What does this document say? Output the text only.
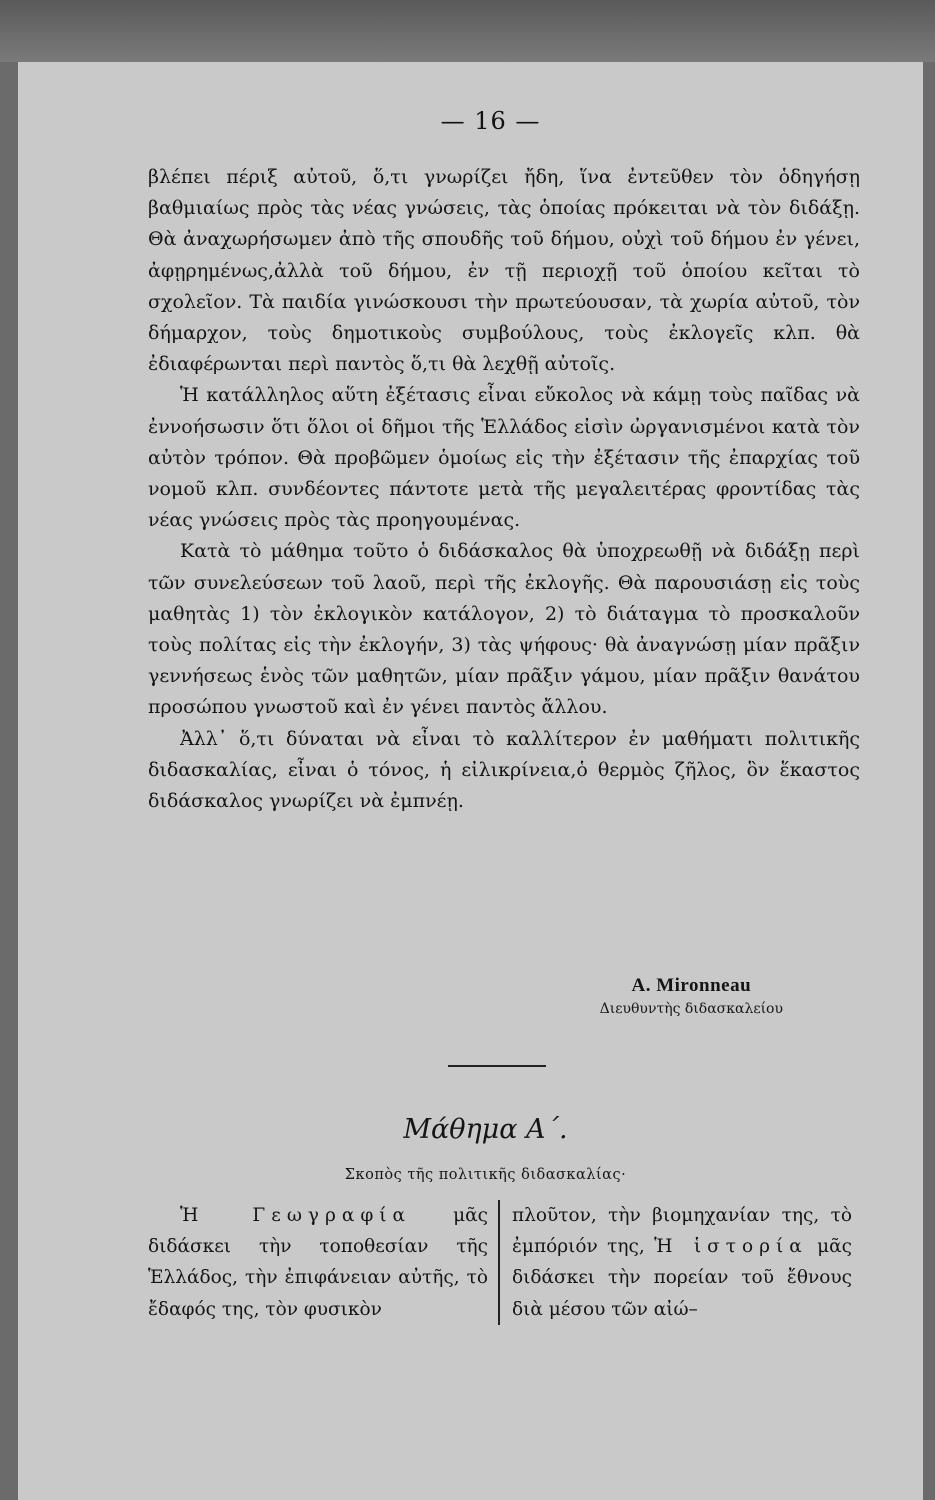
— 16 —

βλέπει πέριξ αὐτοῦ, ὅ,τι γνωρίζει ἤδη, ἵνα ἐντεῦθεν τὸν ὁδηγήσῃ βαθμιαίως πρὸς τὰς νέας γνώσεις, τὰς ὁποίας πρόκειται νὰ τὸν διδάξῃ. Θὰ ἀναχωρήσωμεν ἀπὸ τῆς σπουδῆς τοῦ δήμου, οὐχὶ τοῦ δήμου ἐν γένει, ἀφῃρημένως,ἀλλὰ τοῦ δήμου, ἐν τῇ περιοχῇ τοῦ ὁποίου κεῖται τὸ σχολεῖον. Τὰ παιδία γινώσκουσι τὴν πρωτεύουσαν, τὰ χωρία αὐτοῦ, τὸν δήμαρχον, τοὺς δημοτικοὺς συμβούλους, τοὺς ἐκλογεῖς κλπ. θὰ ἐδιαφέρωνται περὶ παντὸς ὅ,τι θὰ λεχθῇ αὐτοῖς.

Ἡ κατάλληλος αὕτη ἐξέτασις εἶναι εὔκολος νὰ κάμῃ τοὺς παῖδας νὰ ἐννοήσωσιν ὅτι ὅλοι οἱ δῆμοι τῆς Ἑλλάδος εἰσὶν ὠργανισμένοι κατὰ τὸν αὐτὸν τρόπον. Θὰ προβῶμεν ὁμοίως εἰς τὴν ἐξέτασιν τῆς ἐπαρχίας τοῦ νομοῦ κλπ. συνδέοντες πάντοτε μετὰ τῆς μεγαλειτέρας φροντίδας τὰς νέας γνώσεις πρὸς τὰς προηγουμένας.

Κατὰ τὸ μάθημα τοῦτο ὁ διδάσκαλος θὰ ὑποχρεωθῇ νὰ διδάξῃ περὶ τῶν συνελεύσεων τοῦ λαοῦ, περὶ τῆς ἐκλογῆς. Θὰ παρουσιάσῃ εἰς τοὺς μαθητὰς 1) τὸν ἐκλογικὸν κατάλογον, 2) τὸ διάταγμα τὸ προσκαλοῦν τοὺς πολίτας εἰς τὴν ἐκλογήν, 3) τὰς ψήφους· θὰ ἀναγνώσῃ μίαν πρᾶξιν γεννήσεως ἑνὸς τῶν μαθητῶν, μίαν πρᾶξιν γάμου, μίαν πρᾶξιν θανάτου προσώπου γνωστοῦ καὶ ἐν γένει παντὸς ἄλλου.

Ἀλλ᾽ ὅ,τι δύναται νὰ εἶναι τὸ καλλίτερον ἐν μαθήματι πολιτικῆς διδασκαλίας, εἶναι ὁ τόνος, ἡ εἰλικρίνεια,ὁ θερμὸς ζῆλος, ὃν ἕκαστος διδάσκαλος γνωρίζει νὰ ἐμπνέῃ.

A. Mironneau
Διευθυντὴς διδασκαλείου
Μάθημα Α΄.
Σκοπὸς τῆς πολιτικῆς διδασκαλίας·
Ἡ Γεωγραφία μᾶς διδάσκει τὴν τοποθεσίαν τῆς Ἑλλάδος, τὴν ἐπιφάνειαν αὐτῆς, τὸ ἔδαφός της, τὸν φυσικὸν
πλοῦτον, τὴν βιομηχανίαν της, τὸ ἐμπόριόν της, Ἡ ἱστορία μᾶς διδάσκει τὴν πορείαν τοῦ ἔθνους διὰ μέσου τῶν αἰώ–
